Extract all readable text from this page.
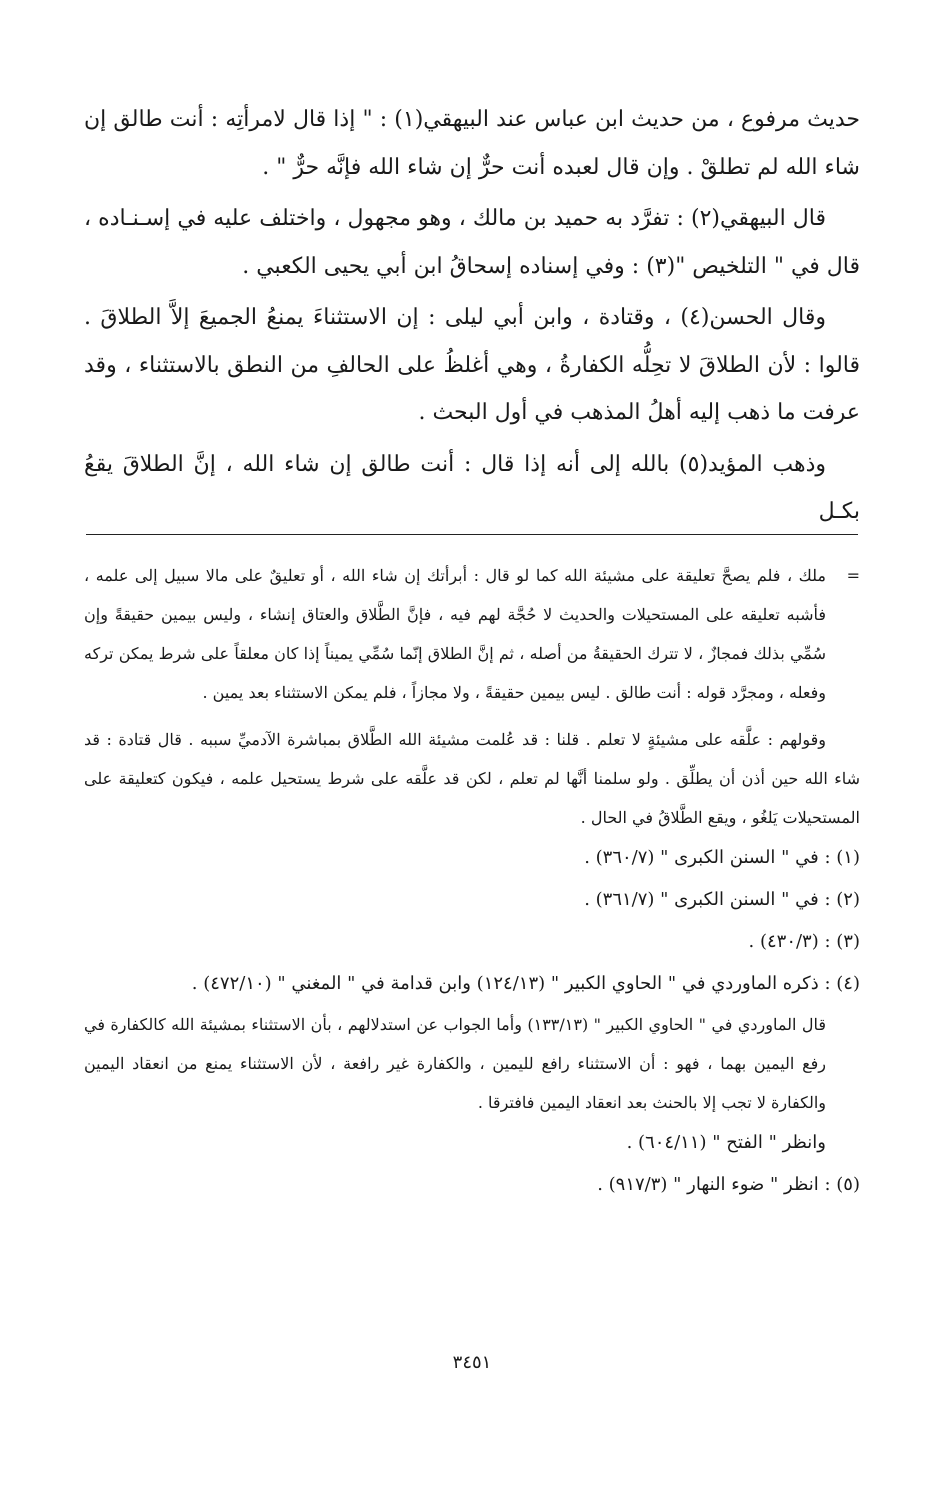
حديث مرفوع ، من حديث ابن عباس عند البيهقي(١) : " إذا قال لامرأتِه : أنت طالق إن شاء الله لم تطلقْ . وإن قال لعبده أنت حرٌّ إن شاء الله فإنَّه حرٌّ " .

قال البيهقي(٢) : تفرَّد به حميد بن مالك ، وهو مجهول ، واختلف عليه في إسـنـاده ، قال في " التلخيص "(٣) : وفي إسناده إسحاقُ ابن أبي يحيى الكعبي .

وقال الحسن(٤) ، وقتادة ، وابن أبي ليلى : إن الاستثناءَ يمنعُ الجميعَ إلاَّ الطلاقَ . قالوا : لأن الطلاقَ لا تحِلُّه الكفارةُ ، وهي أغلظُ على الحالفِ من النطق بالاستثناء ، وقد عرفت ما ذهب إليه أهلُ المذهب في أول البحث .

وذهب المؤيد(٥) بالله إلى أنه إذا قال : أنت طالق إن شاء الله ، إنَّ الطلاقَ يقعُ بكـل

=
ملك ، فلم يصحَّ تعليقة على مشيئة الله كما لو قال : أبرأتك إن شاء الله ، أو تعليقٌ على مالا سبيل إلى علمه ، فأشبه تعليقه على المستحيلات والحديث لا حُجَّة لهم فيه ، فإنَّ الطَّلاق والعتاق إنشاء ، وليس بيمين حقيقةً وإن سُمِّي بذلك فمجازٌ ، لا تترك الحقيقةُ من أصله ، ثم إنَّ الطلاق إنّما سُمِّي يميناً إذا كان معلقاً على شرط يمكن تركه وفعله ، ومجرَّد قوله : أنت طالق . ليس بيمين حقيقةً ، ولا مجازاً ، فلم يمكن الاستثناء بعد يمين .

وقولهم : علَّقه على مشيئةٍ لا تعلم . قلنا : قد عُلمت مشيئة الله الطَّلاق بمباشرة الآدميِّ سببه . قال قتادة : قد شاء الله حين أذن أن يطلِّق . ولو سلمنا أنَّها لم تعلم ، لكن قد علَّقه على شرط يستحيل علمه ، فيكون كتعليقة على المستحيلات يَلغُو ، ويقع الطَّلاقُ في الحال .

(١) : في " السنن الكبرى " (٣٦٠/٧) .

(٢) : في " السنن الكبرى " (٣٦١/٧) .

(٣) : (٤٣٠/٣) .

(٤) : ذكره الماوردي في " الحاوي الكبير " (١٢٤/١٣) وابن قدامة في " المغني " (٤٧٢/١٠) .

قال الماوردي في " الحاوي الكبير " (١٣٣/١٣) وأما الجواب عن استدلالهم ، بأن الاستثناء بمشيئة الله كالكفارة في رفع اليمين بهما ، فهو : أن الاستثناء رافع لليمين ، والكفارة غير رافعة ، لأن الاستثناء يمنع من انعقاد اليمين والكفارة لا تجب إلا بالحنث بعد انعقاد اليمين فافترقا .

وانظر " الفتح " (٦٠٤/١١) .

(٥) : انظر " ضوء النهار " (٩١٧/٣) .

٣٤٥١
